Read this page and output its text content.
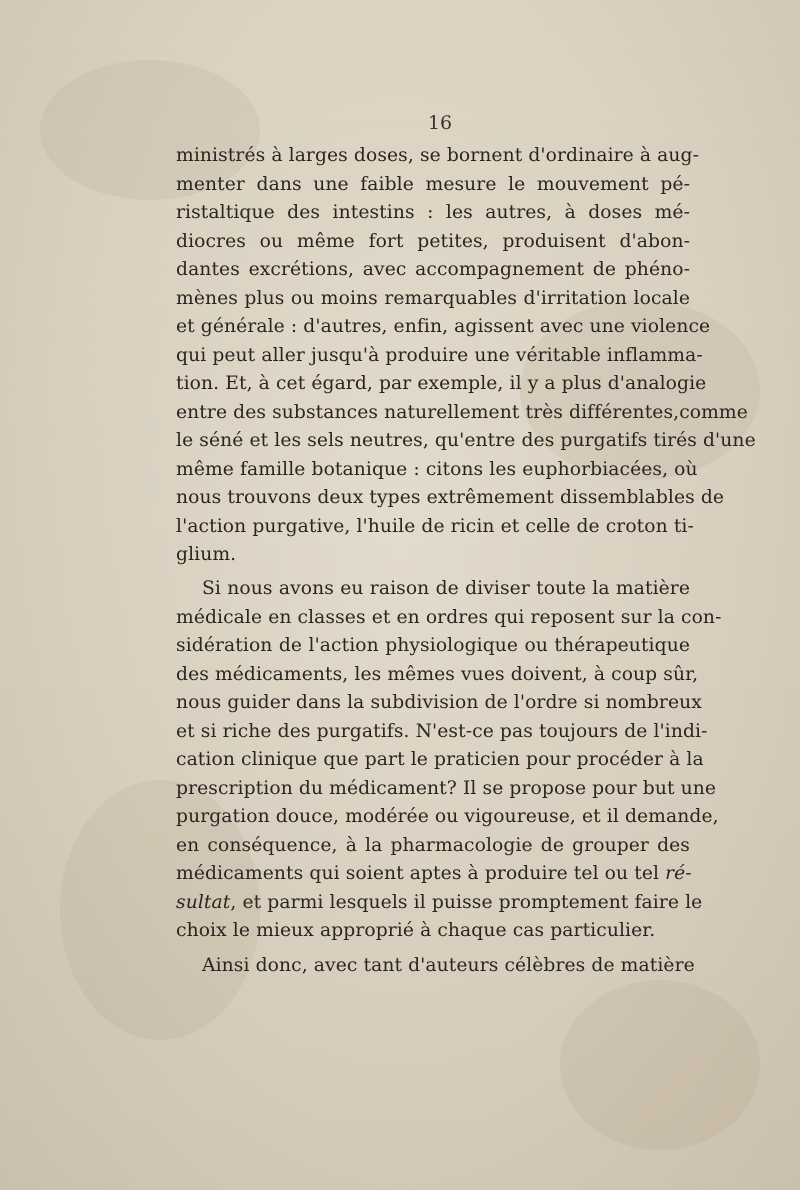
16
ministrés à larges doses, se bornent d'ordinaire à aug-
menter dans une faible mesure le mouvement pé-
ristaltique des intestins : les autres, à doses mé-
diocres ou même fort petites, produisent d'abon-
dantes excrétions, avec accompagnement de phéno-
mènes plus ou moins remarquables d'irritation locale
et générale : d'autres, enfin, agissent avec une violence
qui peut aller jusqu'à produire une véritable inflamma-
tion. Et, à cet égard, par exemple, il y a plus d'analogie
entre des substances naturellement très différentes,comme
le séné et les sels neutres, qu'entre des purgatifs tirés d'une
même famille botanique : citons les euphorbiacées, où
nous trouvons deux types extrêmement dissemblables de
l'action purgative, l'huile de ricin et celle de croton ti-
glium.
Si nous avons eu raison de diviser toute la matière
médicale en classes et en ordres qui reposent sur la con-
sidération de l'action physiologique ou thérapeutique
des médicaments, les mêmes vues doivent, à coup sûr,
nous guider dans la subdivision de l'ordre si nombreux
et si riche des purgatifs. N'est-ce pas toujours de l'indi-
cation clinique que part le praticien pour procéder à la
prescription du médicament? Il se propose pour but une
purgation douce, modérée ou vigoureuse, et il demande,
en conséquence, à la pharmacologie de grouper des
médicaments qui soient aptes à produire tel ou tel ré-
sultat, et parmi lesquels il puisse promptement faire le
choix le mieux approprié à chaque cas particulier.
Ainsi donc, avec tant d'auteurs célèbres de matière
